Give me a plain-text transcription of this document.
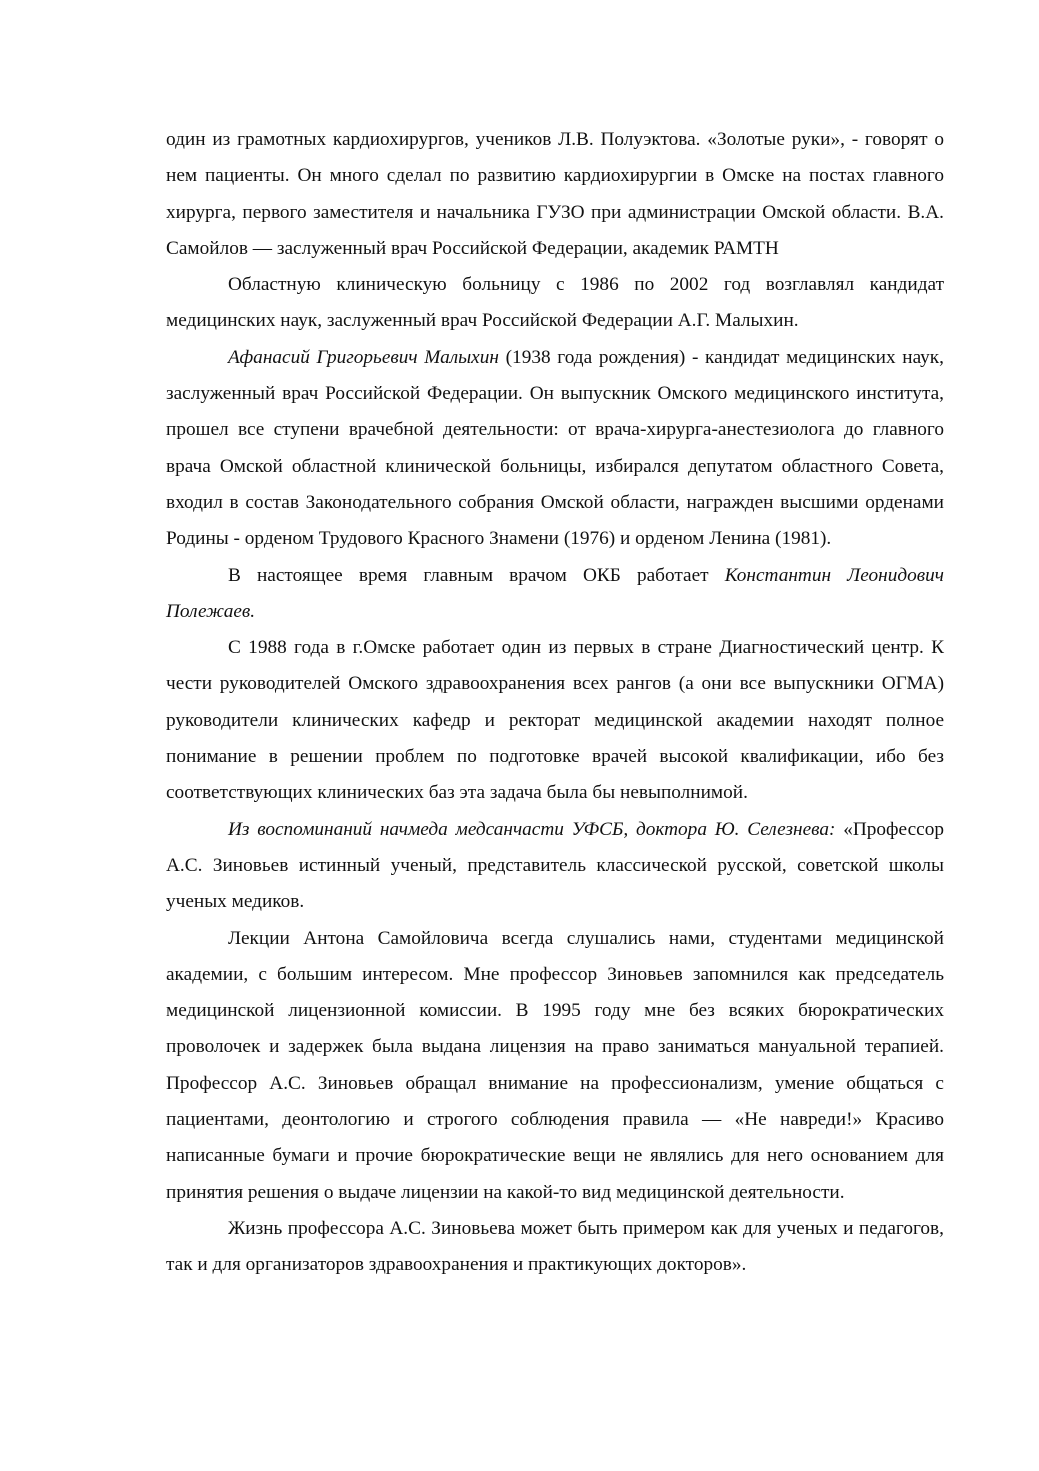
один из грамотных кардиохирургов, учеников Л.В. Полуэктова. «Золотые руки», - говорят о нем пациенты. Он много сделал по развитию кардиохирургии в Омске на постах главного хирурга, первого заместителя и начальника ГУЗО при администрации Омской области. В.А. Самойлов — заслуженный врач Российской Федерации, академик РАМТН

Областную клиническую больницу с 1986 по 2002 год возглавлял кандидат медицинских наук, заслуженный врач Российской Федерации А.Г. Малыхин.

Афанасий Григорьевич Малыхин (1938 года рождения) - кандидат медицинских наук, заслуженный врач Российской Федерации. Он выпускник Омского медицинского института, прошел все ступени врачебной деятельности: от врача-хирурга-анестезиолога до главного врача Омской областной клинической больницы, избирался депутатом областного Совета, входил в состав Законодательного собрания Омской области, награжден высшими орденами Родины - орденом Трудового Красного Знамени (1976) и орденом Ленина (1981).

В настоящее время главным врачом ОКБ работает Константин Леонидович Полежаев.

С 1988 года в г.Омске работает один из первых в стране Диагностический центр. К чести руководителей Омского здравоохранения всех рангов (а они все выпускники ОГМА) руководители клинических кафедр и ректорат медицинской академии находят полное понимание в решении проблем по подготовке врачей высокой квалификации, ибо без соответствующих клинических баз эта задача была бы невыполнимой.

Из воспоминаний начмеда медсанчасти УФСБ, доктора Ю. Селезнева: «Профессор А.С. Зиновьев истинный ученый, представитель классической русской, советской школы ученых медиков.

Лекции Антона Самойловича всегда слушались нами, студентами медицинской академии, с большим интересом. Мне профессор Зиновьев запомнился как председатель медицинской лицензионной комиссии. В 1995 году мне без всяких бюрократических проволочек и задержек была выдана лицензия на право заниматься мануальной терапией. Профессор А.С. Зиновьев обращал внимание на профессионализм, умение общаться с пациентами, деонтологию и строгого соблюдения правила — «Не навреди!» Красиво написанные бумаги и прочие бюрократические вещи не являлись для него основанием для принятия решения о выдаче лицензии на какой-то вид медицинской деятельности.

Жизнь профессора А.С. Зиновьева может быть примером как для ученых и педагогов, так и для организаторов здравоохранения и практикующих докторов».
